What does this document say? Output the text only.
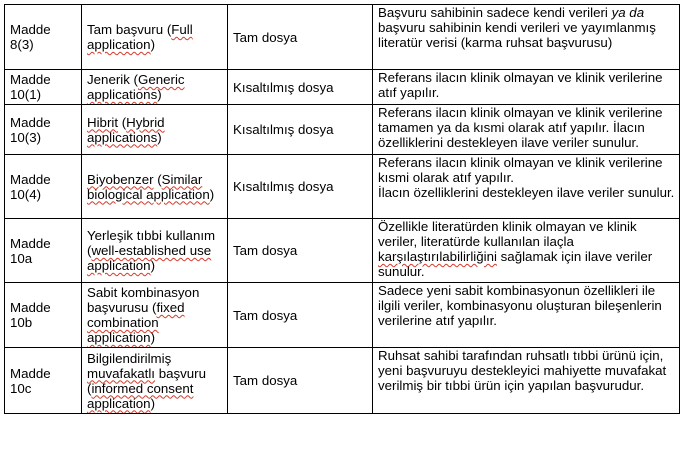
Madde
8(3)	Tam başvuru (Full application)	Tam dosya	Başvuru sahibinin sadece kendi verileri ya da başvuru sahibinin kendi verileri ve yayımlanmış literatür verisi (karma ruhsat başvurusu)
Madde
10(1)	Jenerik (Generic applications)	Kısaltılmış dosya	Referans ilacın klinik olmayan ve klinik verilerine atıf yapılır.
Madde
10(3)	Hibrit (Hybrid applications)	Kısaltılmış dosya	Referans ilacın klinik olmayan ve klinik verilerine tamamen ya da kısmi olarak atıf yapılır. İlacın özelliklerini destekleyen ilave veriler sunulur.
Madde
10(4)	Biyobenzer (Similar biological application)	Kısaltılmış dosya	Referans ilacın klinik olmayan ve klinik verilerine kısmi olarak atıf yapılır.
İlacın özelliklerini destekleyen ilave veriler sunulur.
Madde
10a	Yerleşik tıbbi kullanım (well-established use application)	Tam dosya	Özellikle literatürden klinik olmayan ve klinik veriler, literatürde kullanılan ilaçla karşılaştırılabilirliğini sağlamak için ilave veriler sunulur.
Madde
10b	Sabit kombinasyon başvurusu (fixed combination application)	Tam dosya	Sadece yeni sabit kombinasyonun özellikleri ile ilgili veriler, kombinasyonu oluşturan bileşenlerin verilerine atıf yapılır.
Madde
10c	Bilgilendirilmiş muvafakatlı başvuru (informed consent application)	Tam dosya	Ruhsat sahibi tarafından ruhsatlı tıbbi ürünü için, yeni başvuruyu destekleyici mahiyette muvafakat verilmiş bir tıbbi ürün için yapılan başvurudur.
